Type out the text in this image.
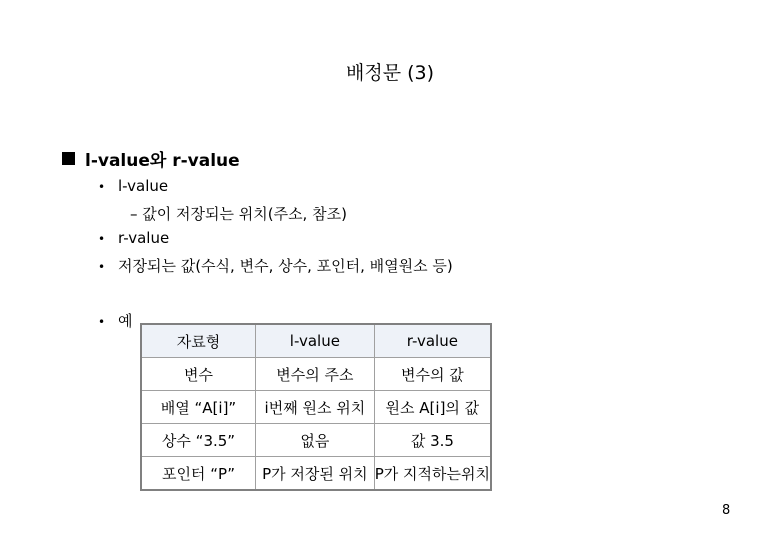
배정문 (3)
l-value와 r-value
• l-value
– 값이 저장되는 위치(주소, 참조)
• r-value
• 저장되는 값(수식, 변수, 상수, 포인터, 배열원소 등)
• 예
자료형	l-value	r-value
변수	변수의 주소	변수의 값
배열 “A[i]”	i번째 원소 위치	원소 A[i]의 값
상수 “3.5”	없음	값 3.5
포인터 “P”	P가 저장된 위치	P가 지적하는위치
8
